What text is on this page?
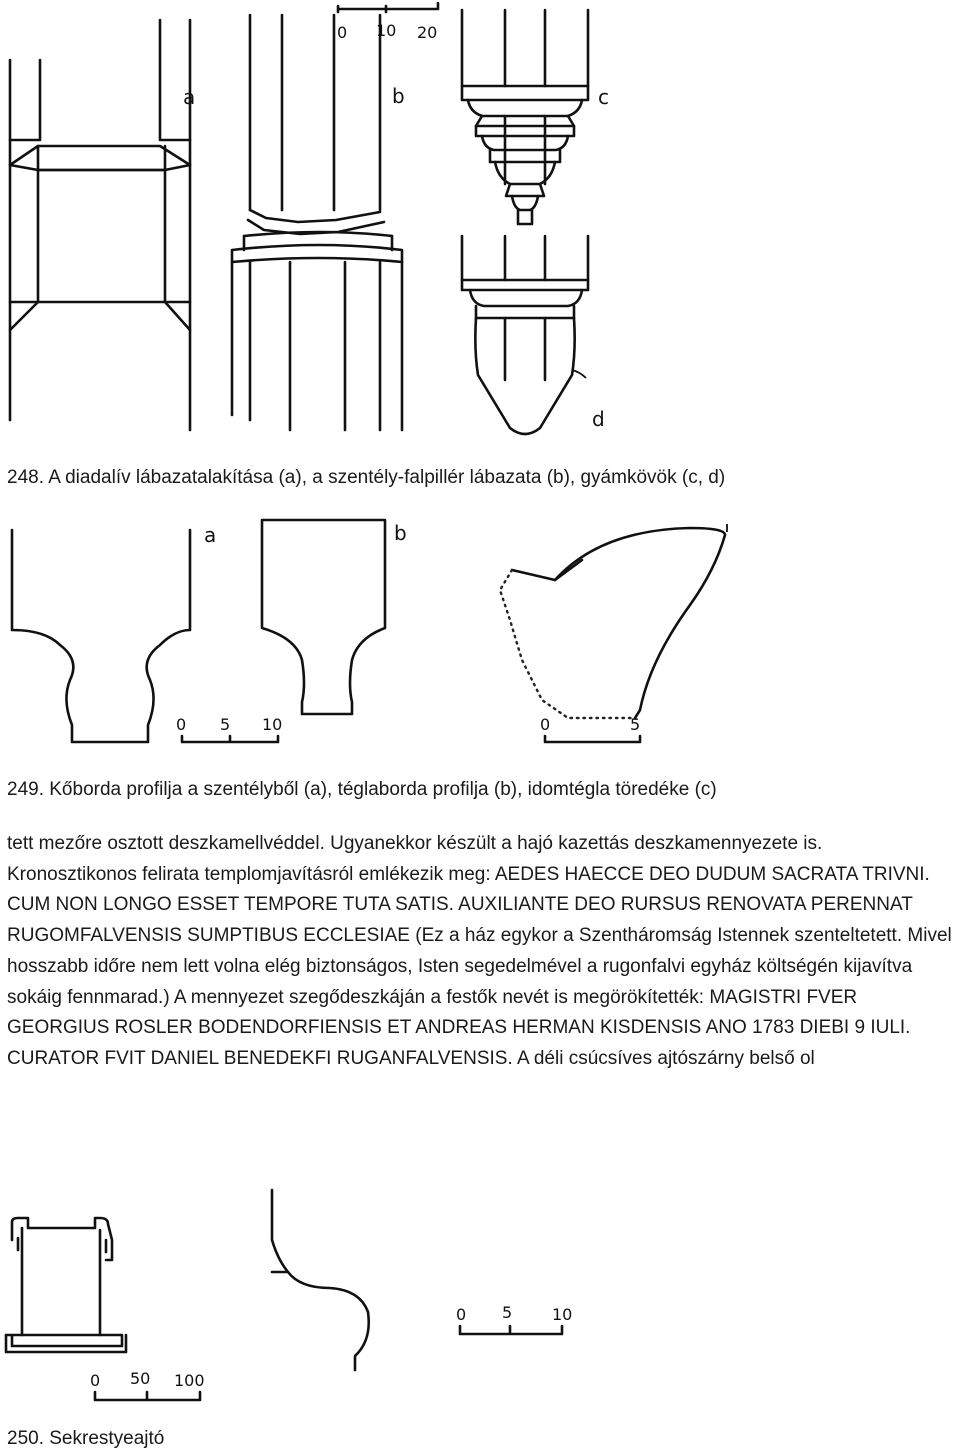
0 10 20
a	b	c
d
248. A diadalív lábazatalakítása (a), a szentély-falpillér lábazata (b), gyámkövök (c, d)
a	b
0 5 10	0	5
249. Kőborda profilja a szentélyből (a), téglaborda profilja (b), idomtégla töredéke (c)

tett mezőre osztott deszkamellvéddel. Ugyanekkor készült a hajó kazettás deszkamennyezete is. Kronosztikonos felirata templomjavításról emlékezik meg: AEDES HAECCE DEO DUDUM SACRATA TRIVNI. CUM NON LONGO ESSET TEMPORE TUTA SATIS. AUXILIANTE DEO RURSUS RENOVATA PERENNAT RUGOMFALVENSIS SUMPTIBUS ECCLESIAE (Ez a ház egykor a Szentháromság Istennek szenteltetett. Mivel hosszabb időre nem lett volna elég biztonságos, Isten segedelmével a rugonfalvi egyház költségén kijavítva sokáig fennmarad.) A mennyezet szegődeszkáján a festők nevét is megörökítették: MAGISTRI FVER GEORGIUS ROSLER BODENDORFIENSIS ET ANDREAS HERMAN KISDENSIS ANO 1783 DIEBI 9 IULI. CURATOR FVIT DANIEL BENEDEKFI RUGANFALVENSIS. A déli csúcsíves ajtószárny belső ol

0 50 100
0 5 10
250. Sekrestyeajtó
